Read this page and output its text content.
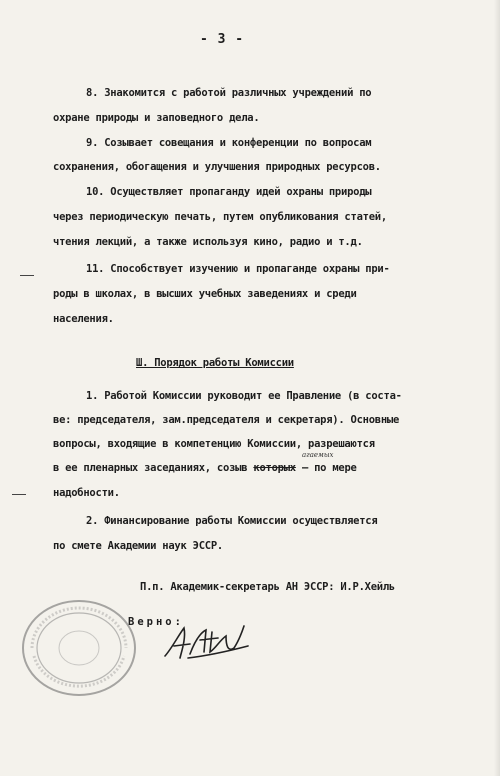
- 3 -
8. Знакомится с работой различных учреждений по
охране природы и заповедного дела.
9. Созывает совещания и конференции по вопросам
сохранения, обогащения и улучшения природных ресурсов.
10. Осуществляет пропаганду идей охраны природы
через периодическую печать, путем опубликования статей,
чтения лекций, а также используя кино, радио и т.д.
11. Способствует изучению и пропаганде охраны при-
роды в школах, в высших учебных заведениях и среди
населения.
Ш. Порядок работы Комиссии
1. Работой Комиссии руководит ее Правление (в соста-
ве: председателя, зам.председателя и секретаря). Основные
вопросы, входящие в компетенцию Комиссии, разрешаются
агаемых
в ее пленарных заседаниях, созыв которых – по мере
надобности.
2. Финансирование работы Комиссии осуществляется
по смете Академии наук ЭССР.
П.п. Академик-секретарь АН ЭССР: И.Р.Хейль
Верно:
